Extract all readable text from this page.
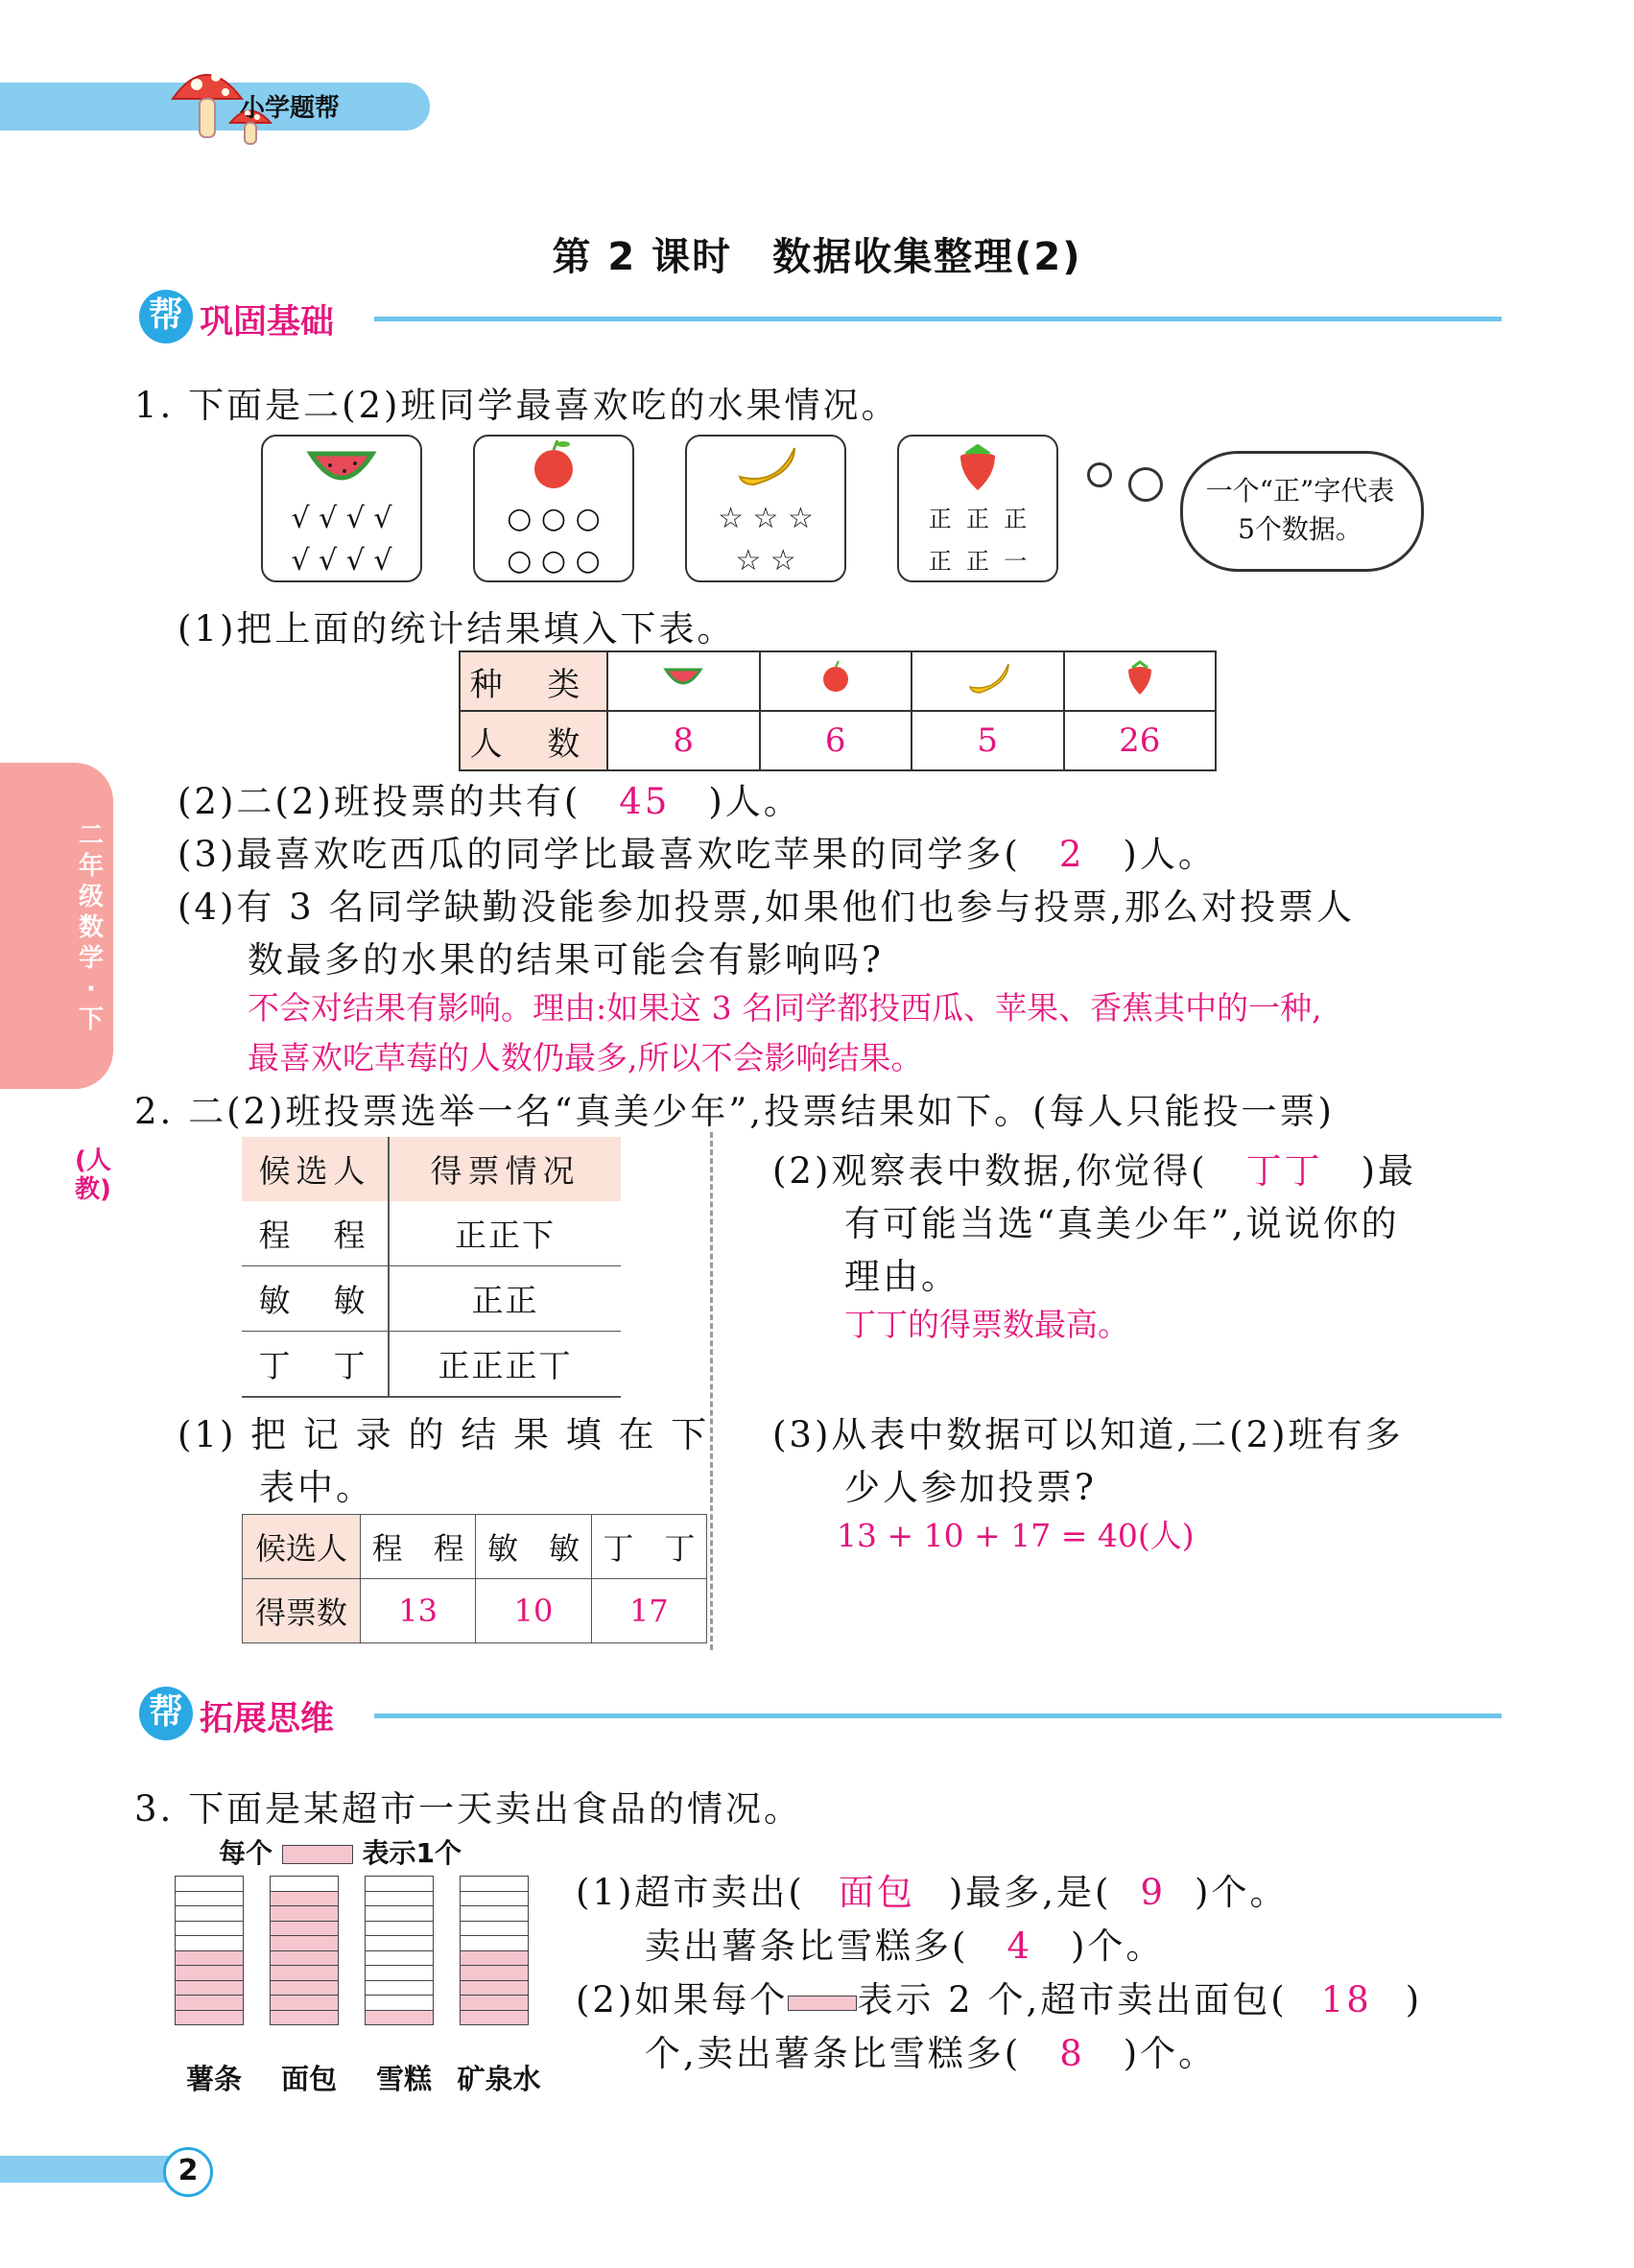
小学题帮
第 2 课时　数据收集整理(2)
帮 巩固基础
二年级数学·下
(人教)
1. 下面是二(2)班同学最喜欢吃的水果情况。
√ √ √ √
√ √ √ √
○ ○ ○
○ ○ ○
☆ ☆ ☆
☆ ☆
正  正  正
正  正  一
一个“正”字代表5个数据。
(1)把上面的统计结果填入下表。
种 类				
人 数	8	6	5	26
(2)二(2)班投票的共有( 45 )人。
(3)最喜欢吃西瓜的同学比最喜欢吃苹果的同学多( 2 )人。
(4)有 3 名同学缺勤没能参加投票,如果他们也参与投票,那么对投票人
数最多的水果的结果可能会有影响吗?
不会对结果有影响。理由:如果这 3 名同学都投西瓜、苹果、香蕉其中的一种,
最喜欢吃草莓的人数仍最多,所以不会影响结果。
2. 二(2)班投票选举一名“真美少年”,投票结果如下。(每人只能投一票)
候选人	得票情况
程　程	正正下
敏　敏	正正
丁　丁	正正正丅
(1) 把 记 录 的 结 果 填 在 下
表中。
候选人	程　程	敏　敏	丁　丁
得票数	13	10	17
(2)观察表中数据,你觉得( 丁丁 )最
有可能当选“真美少年”,说说你的
理由。
丁丁的得票数最高。
(3)从表中数据可以知道,二(2)班有多
少人参加投票?
13 + 10 + 17 = 40(人)
帮 拓展思维
3. 下面是某超市一天卖出食品的情况。
每个	表示1个
薯条	面包	雪糕 矿泉水
(1)超市卖出( 面包 )最多,是( 9 )个。
卖出薯条比雪糕多( 4 )个。
(2)如果每个 表示 2 个,超市卖出面包( 18 )
个,卖出薯条比雪糕多( 8 )个。
2
